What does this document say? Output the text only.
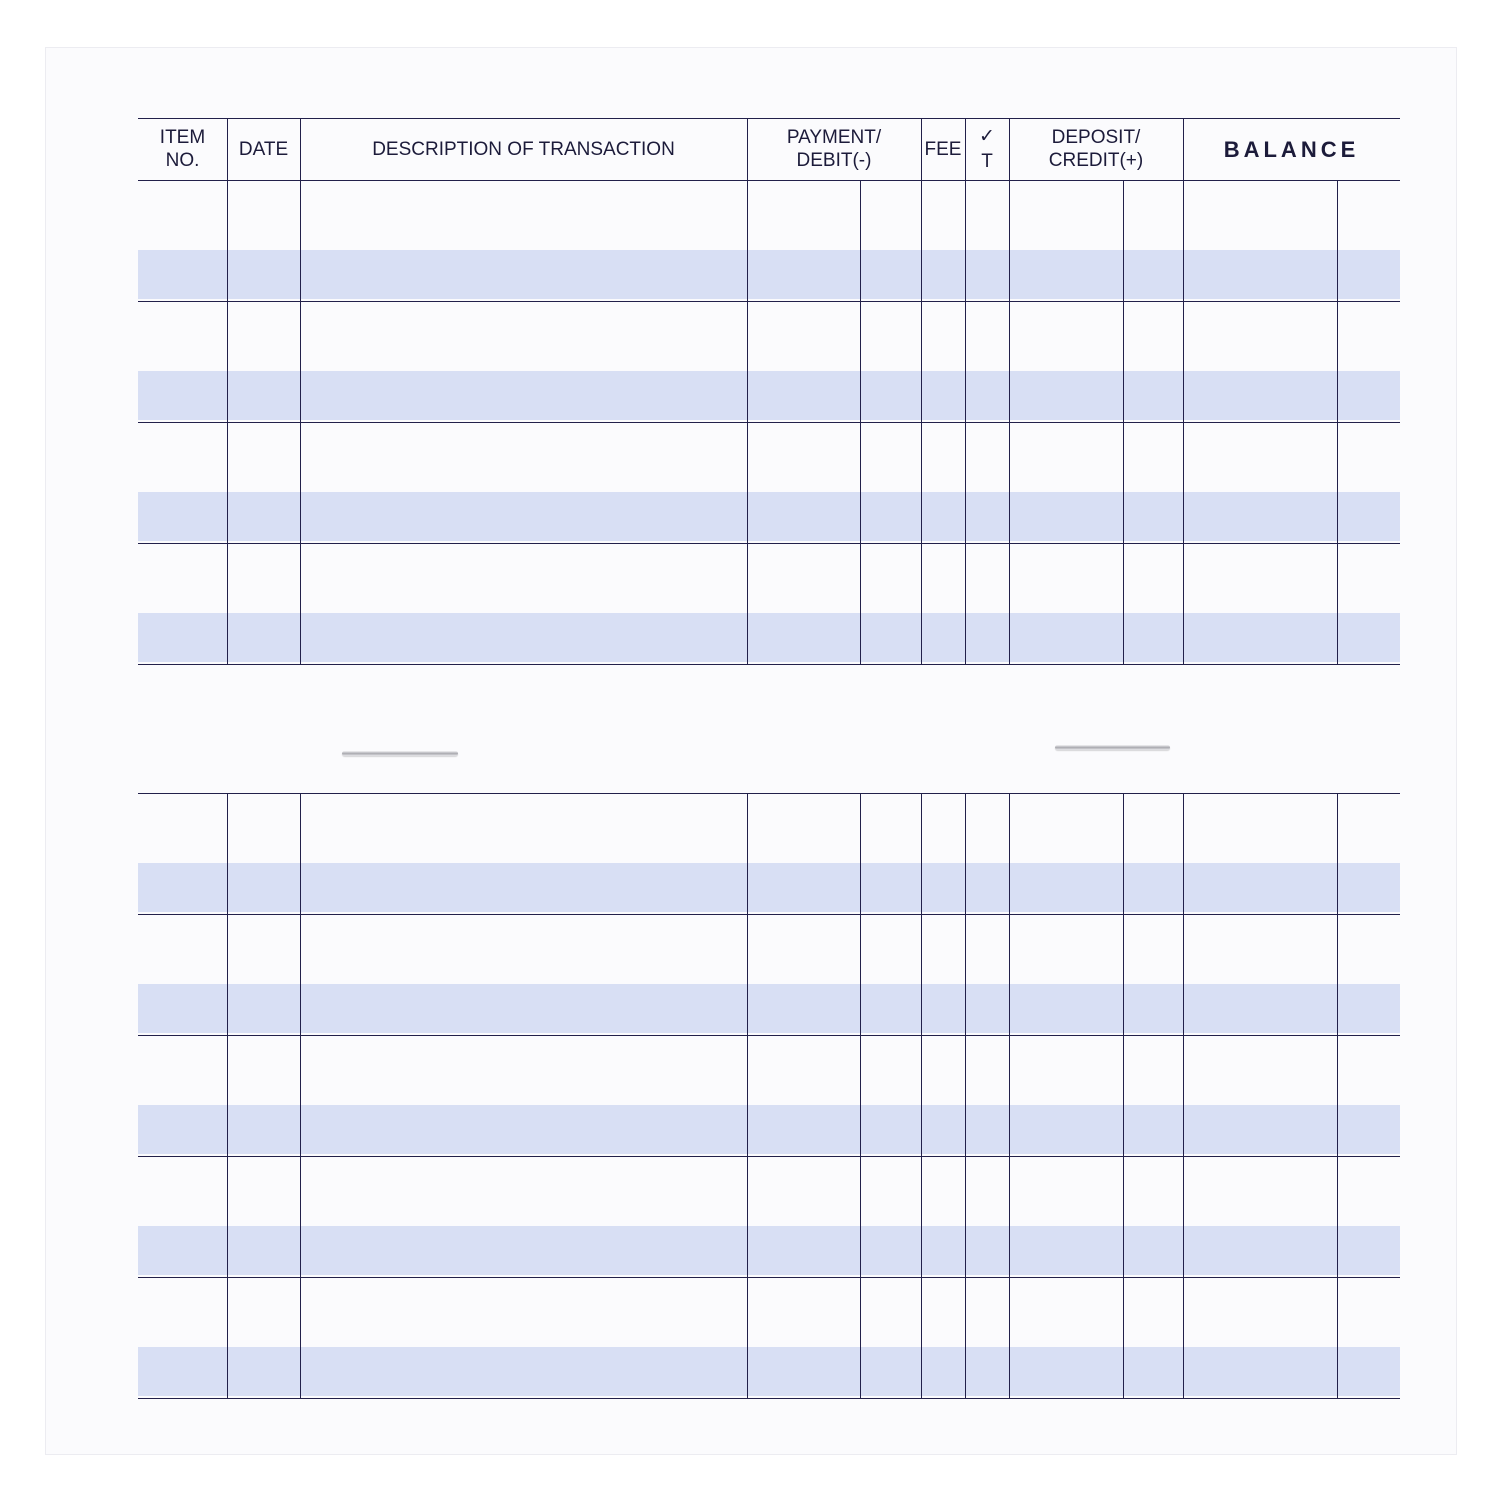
ITEM
NO.
DATE	DESCRIPTION OF TRANSACTION
PAYMENT/
DEBIT(-)
FEE
✓
T
DEPOSIT/
CREDIT(+)	BALANCE
